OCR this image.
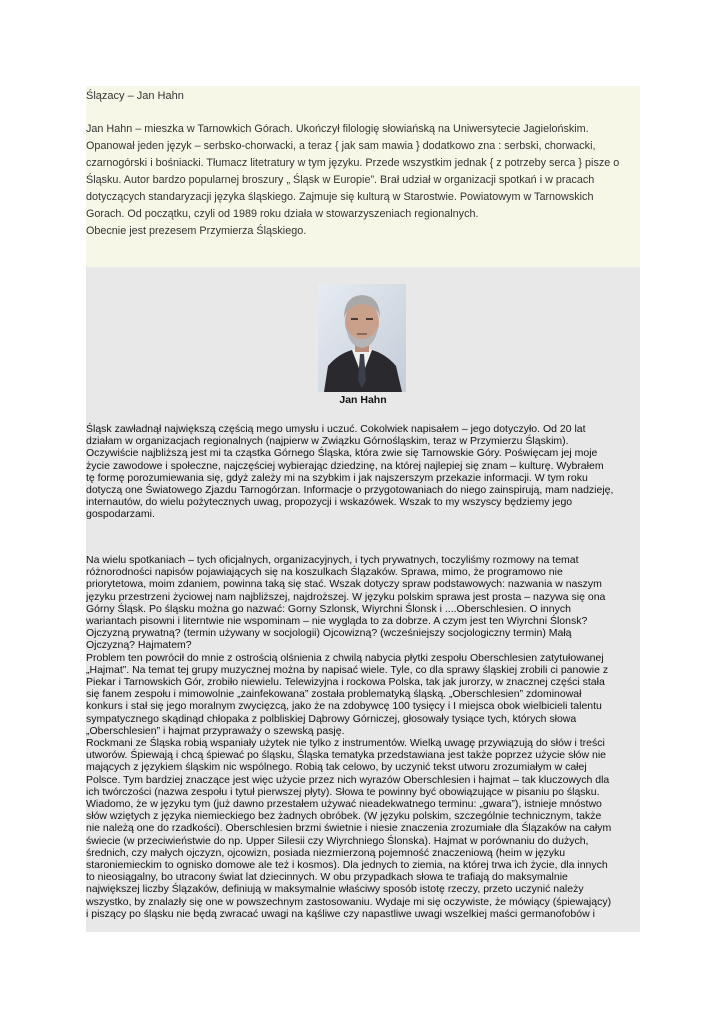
Ślązacy – Jan Hahn
Jan Hahn – mieszka w Tarnowkich Górach. Ukończył filologię słowiańską na Uniwersytecie Jagielońskim.
Opanował jeden język – serbsko-chorwacki, a teraz { jak sam mawia } dodatkowo zna : serbski, chorwacki,
czarnogórski i bośniacki. Tłumacz litetratury w tym języku. Przede wszystkim jednak { z potrzeby serca } pisze o
Śląsku. Autor bardzo popularnej broszury „ Śląsk w Europie”. Brał udział w organizacji spotkań i w pracach
dotyczących standaryzacji języka śląskiego. Zajmuje się kulturą w Starostwie. Powiatowym w Tarnowskich
Gorach. Od początku, czyli od 1989 roku działa w stowarzyszeniach regionalnych.
Obecnie jest prezesem Przymierza Śląskiego.
Jan Hahn
Śląsk zawładnął największą częścią mego umysłu i uczuć. Cokolwiek napisałem – jego dotyczyło. Od 20 lat
działam w organizacjach regionalnych (najpierw w Związku Górnośląskim, teraz w Przymierzu Śląskim).
Oczywiście najbliższą jest mi ta cząstka Górnego Śląska, która zwie się Tarnowskie Góry. Poświęcam jej moje
życie zawodowe i społeczne, najczęściej wybierając dziedzinę, na której najlepiej się znam – kulturę. Wybrałem
tę formę porozumiewania się, gdyż zależy mi na szybkim i jak najszerszym przekazie informacji. W tym roku
dotyczą one Światowego Zjazdu Tarnogórzan. Informacje o przygotowaniach do niego zainspirują, mam nadzieję,
internautów, do wielu pożytecznych uwag, propozycji i wskazówek. Wszak to my wszyscy będziemy jego
gospodarzami.
Na wielu spotkaniach – tych oficjalnych, organizacyjnych, i tych prywatnych, toczyliśmy rozmowy na temat
różnorodności napisów pojawiających się na koszulkach Ślązaków. Sprawa, mimo, że programowo nie
priorytetowa, moim zdaniem, powinna taką się stać. Wszak dotyczy spraw podstawowych: nazwania w naszym
języku przestrzeni życiowej nam najbliższej, najdroższej. W języku polskim sprawa jest prosta – nazywa się ona
Górny Śląsk. Po śląsku można go nazwać: Gorny Szlonsk, Wiyrchni Ślonsk i ....Oberschlesien. O innych
wariantach pisowni i literntwie nie wspominam – nie wygląda to za dobrze. A czym jest ten Wiyrchni Ślonsk?
Ojczyzną prywatną? (termin używany w socjologii) Ojcowizną? (wcześniejszy socjologiczny termin) Małą
Ojczyzną? Hajmatem?
Problem ten powrócił do mnie z ostrością olśnienia z chwilą nabycia płytki zespołu Oberschlesien zatytułowanej
„Hajmat”. Na temat tej grupy muzycznej można by napisać wiele. Tyle, co dla sprawy śląskiej zrobili ci panowie z
Piekar i Tarnowskich Gór, zrobiło niewielu. Telewizyjna i rockowa Polska, tak jak jurorzy, w znacznej części stała
się fanem zespołu i mimowolnie „zainfekowana” została problematyką śląską. „Oberschlesien” zdominował
konkurs i stał się jego moralnym zwycięzcą, jako że na zdobywcę 100 tysięcy i I miejsca obok wielbicieli talentu
sympatycznego skądinąd chłopaka z polbliskiej Dąbrowy Górniczej, głosowały tysiące tych, których słowa
„Oberschlesien” i hajmat przypraważy o szewską pasję.
Rockmani ze Śląska robią wspaniały użytek nie tylko z instrumentów. Wielką uwagę przywiązują do słów i treści
utworów. Śpiewają i chcą śpiewać po śląsku, Śląska tematyka przedstawiana jest także poprzez użycie słów nie
mających z językiem śląskim nic wspólnego. Robią tak celowo, by uczynić tekst utworu zrozumiałym w całej
Polsce. Tym bardziej znaczące jest więc użycie przez nich wyrazów Oberschlesien i hajmat – tak kluczowych dla
ich twórczości (nazwa zespołu i tytuł pierwszej płyty). Słowa te powinny być obowiązujące w pisaniu po śląsku.
Wiadomo, że w języku tym (już dawno przestałem używać nieadekwatnego terminu: „gwara”), istnieje mnóstwo
słów wziętych z języka niemieckiego bez żadnych obróbek. (W języku polskim, szczególnie technicznym, także
nie należą one do rzadkości). Oberschlesien brzmi świetnie i niesie znaczenia zrozumiałe dla Ślązaków na całym
świecie (w przeciwieństwie do np. Upper Silesii czy Wiyrchniego Ślonska). Hajmat w porównaniu do dużych,
średnich, czy małych ojczyzn, ojcowizn, posiada niezmierzoną pojemność znaczeniową (heim w języku
staroniemieckim to ognisko domowe ale też i kosmos). Dla jednych to ziemia, na której trwa ich życie, dla innych
to nieosiągalny, bo utracony świat lat dziecinnych. W obu przypadkach słowa te trafiają do maksymalnie
największej liczby Ślązaków, definiują w maksymalnie właściwy sposób istotę rzeczy, przeto uczynić należy
wszystko, by znalazły się one w powszechnym zastosowaniu. Wydaje mi się oczywiste, że mówiący (śpiewający)
i piszący po śląsku nie będą zwracać uwagi na kąśliwe czy napastliwe uwagi wszelkiej maści germanofobów i
